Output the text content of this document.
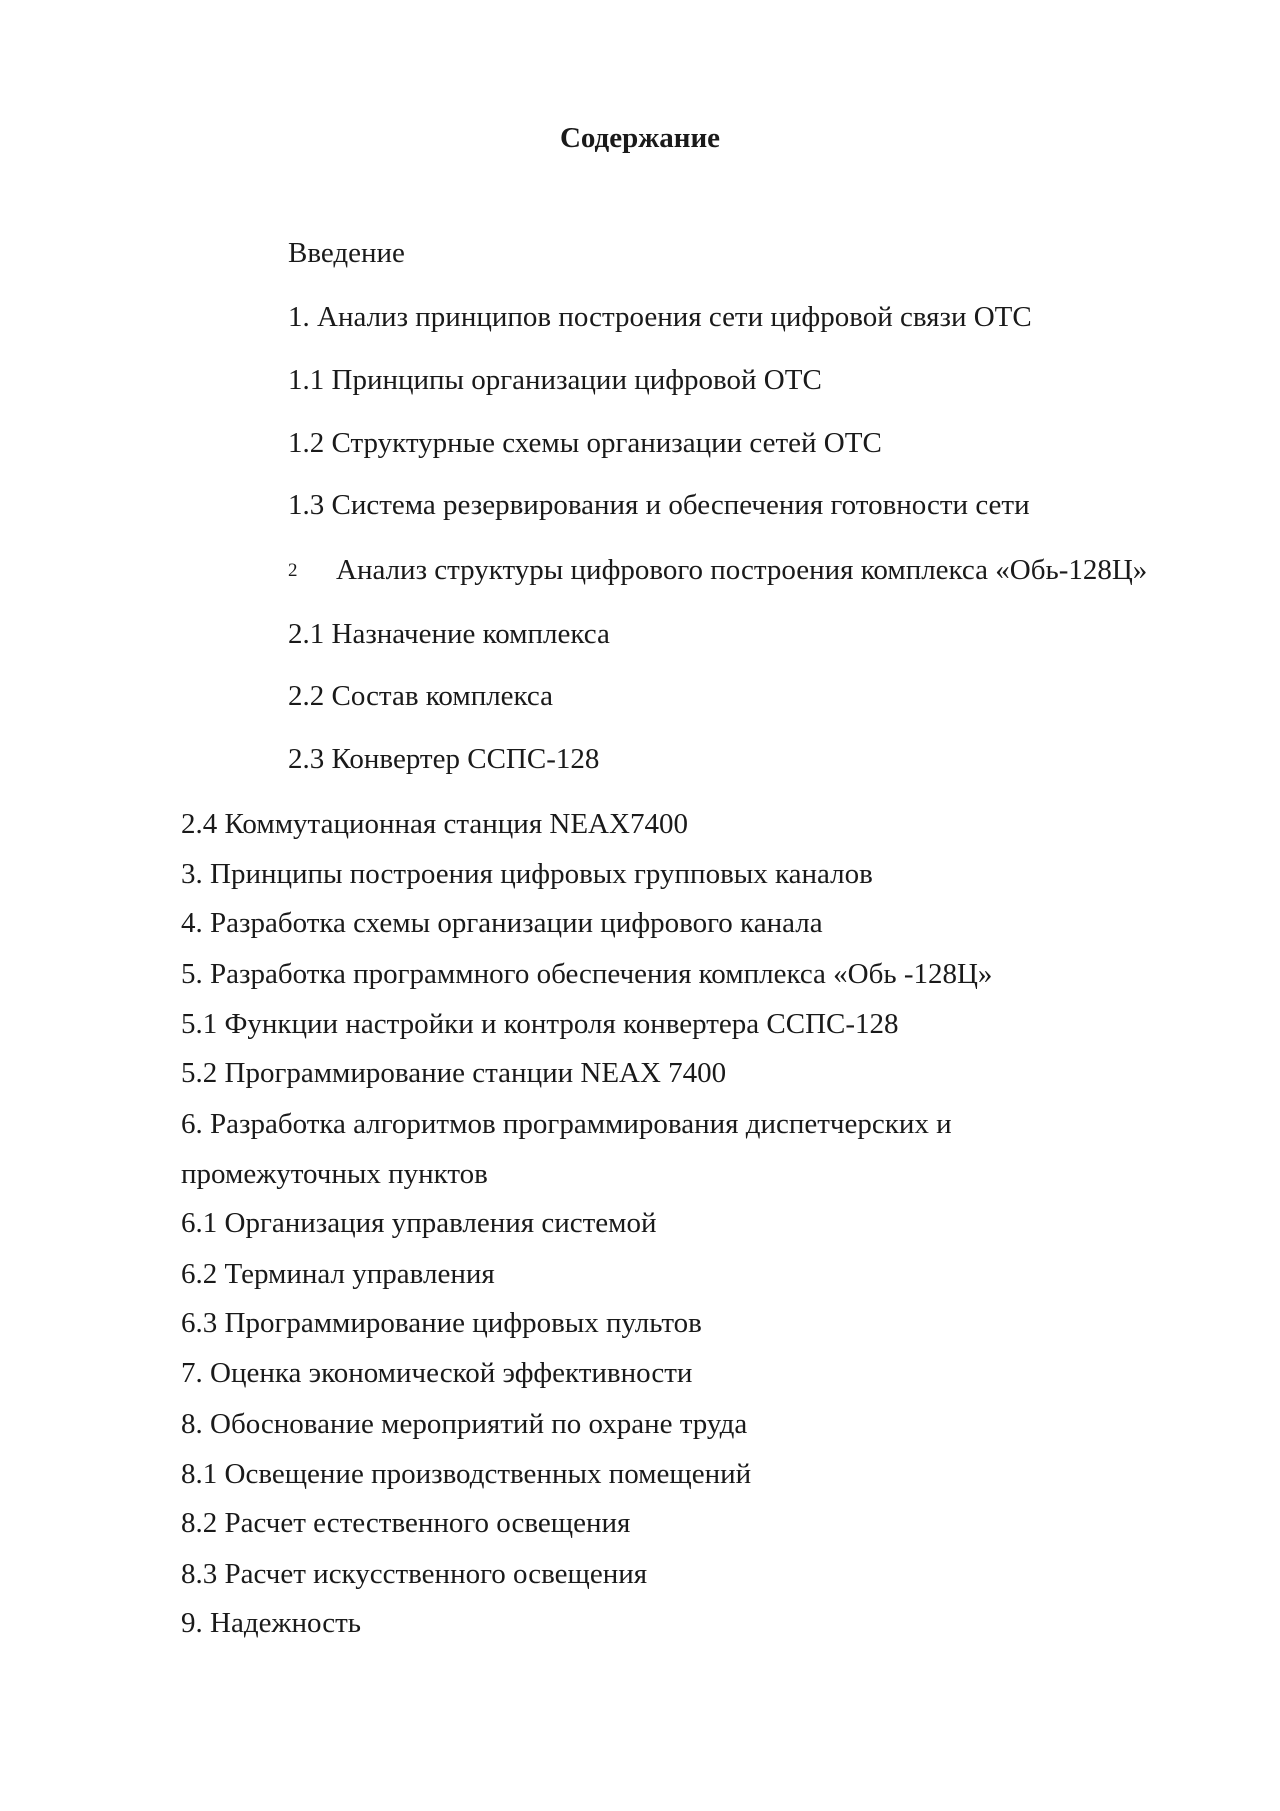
Содержание
Введение
1. Анализ принципов построения сети цифровой связи ОТС
1.1 Принципы организации цифровой ОТС
1.2 Структурные схемы организации сетей ОТС
1.3 Система резервирования и обеспечения готовности сети
2 Анализ структуры цифрового построения комплекса «Обь-128Ц»
2.1 Назначение комплекса
2.2 Состав комплекса
2.3 Конвертер ССПС-128
2.4 Коммутационная станция NEAX7400
3. Принципы построения цифровых групповых каналов
4. Разработка схемы организации цифрового канала
5. Разработка программного обеспечения комплекса «Обь -128Ц»
5.1 Функции настройки и контроля конвертера ССПС-128
5.2 Программирование станции NEAX 7400
6. Разработка алгоритмов программирования диспетчерских и
промежуточных пунктов
6.1 Организация управления системой
6.2 Терминал управления
6.3 Программирование цифровых пультов
7. Оценка экономической эффективности
8. Обоснование мероприятий по охране труда
8.1 Освещение производственных помещений
8.2 Расчет естественного освещения
8.3 Расчет искусственного освещения
9. Надежность
